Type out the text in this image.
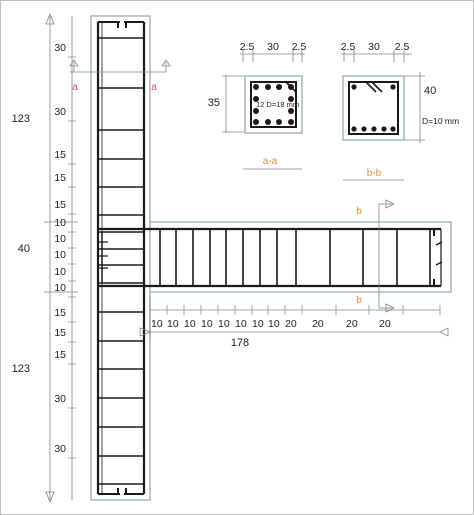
30
30
15
15
15
10
10
10
10
10
15
15
15
30
30
123
40
123
10 10 10 10 10 10 10 10 20 20 20 20
178
a	a
b
b
2.5 30 2.5
35	12 D=18 mm
a-a
2.5 30 2.5
40
D=10 mm
b-b
